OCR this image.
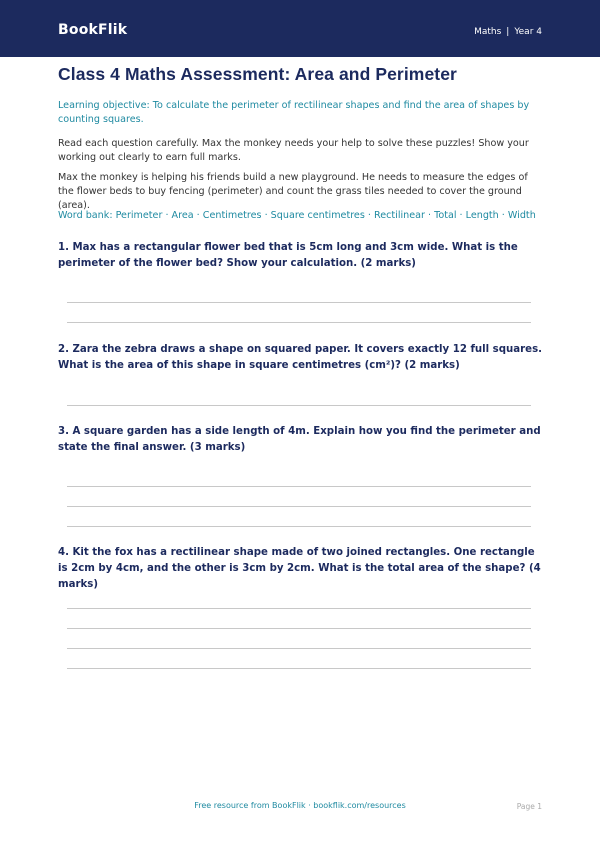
BookFlik	Maths | Year 4
Class 4 Maths Assessment: Area and Perimeter

Learning objective: To calculate the perimeter of rectilinear shapes and find the area of shapes by counting squares.

Read each question carefully. Max the monkey needs your help to solve these puzzles! Show your working out clearly to earn full marks.

Max the monkey is helping his friends build a new playground. He needs to measure the edges of the flower beds to buy fencing (perimeter) and count the grass tiles needed to cover the ground (area).

Word bank: Perimeter · Area · Centimetres · Square centimetres · Rectilinear · Total · Length · Width

1. Max has a rectangular flower bed that is 5cm long and 3cm wide. What is the perimeter of the flower bed? Show your calculation. (2 marks)

2. Zara the zebra draws a shape on squared paper. It covers exactly 12 full squares. What is the area of this shape in square centimetres (cm²)? (2 marks)

3. A square garden has a side length of 4m. Explain how you find the perimeter and state the final answer. (3 marks)

4. Kit the fox has a rectilinear shape made of two joined rectangles. One rectangle is 2cm by 4cm, and the other is 3cm by 2cm. What is the total area of the shape? (4 marks)

Free resource from BookFlik · bookflik.com/resources	Page 1
